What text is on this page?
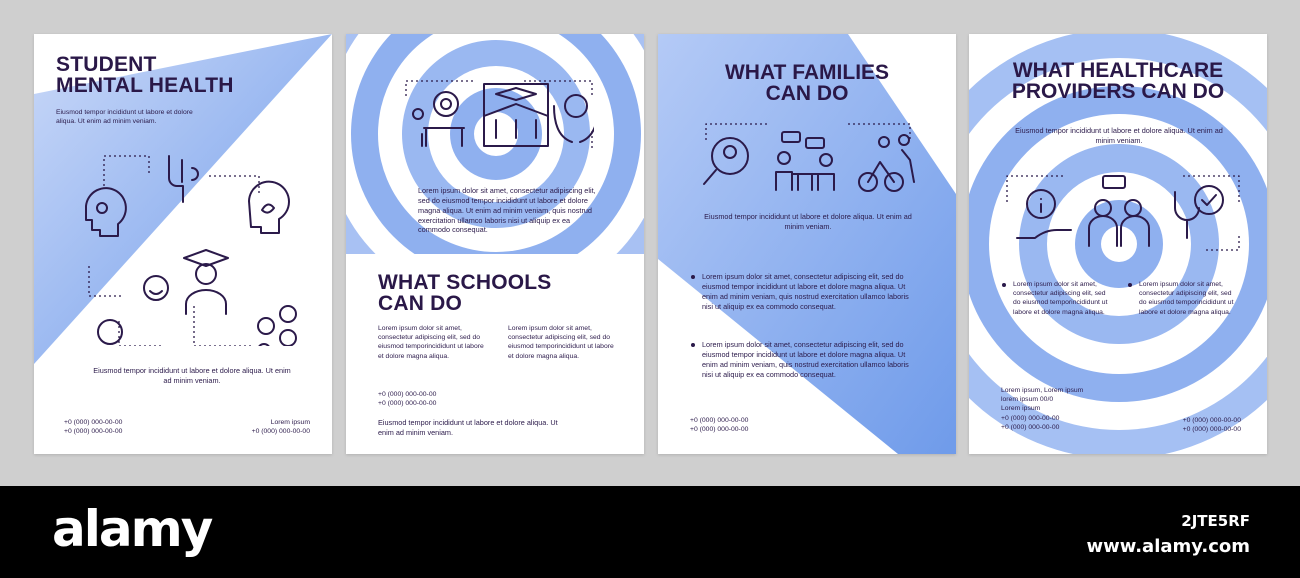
STUDENT
MENTAL HEALTH
Eiusmod tempor incididunt ut labore et dolore aliqua. Ut enim ad minim veniam.
Eiusmod tempor incididunt ut labore et dolore aliqua. Ut enim ad minim veniam.
+0 (000) 000-00-00
+0 (000) 000-00-00
Lorem ipsum
+0 (000) 000-00-00
Lorem ipsum dolor sit amet, consectetur adipiscing elit, sed do eiusmod tempor incididunt ut labore et dolore magna aliqua. Ut enim ad minim veniam, quis nostrud exercitation ullamco laboris nisi ut aliquip ex ea commodo consequat.
WHAT SCHOOLS
CAN DO
Lorem ipsum dolor sit amet, consectetur adipiscing elit, sed do eiusmod temporincididunt ut labore et dolore magna aliqua.
Lorem ipsum dolor sit amet, consectetur adipiscing elit, sed do eiusmod temporincididunt ut labore et dolore magna aliqua.
+0 (000) 000-00-00
+0 (000) 000-00-00
Eiusmod tempor incididunt ut labore et dolore aliqua. Ut enim ad minim veniam.
WHAT FAMILIES
CAN DO
Eiusmod tempor incididunt ut labore et dolore aliqua. Ut enim ad minim veniam.
Lorem ipsum dolor sit amet, consectetur adipiscing elit, sed do eiusmod tempor incididunt ut labore et dolore magna aliqua. Ut enim ad minim veniam, quis nostrud exercitation ullamco laboris nisi ut aliquip ex ea commodo consequat.
Lorem ipsum dolor sit amet, consectetur adipiscing elit, sed do eiusmod tempor incididunt ut labore et dolore magna aliqua. Ut enim ad minim veniam, quis nostrud exercitation ullamco laboris nisi ut aliquip ex ea commodo consequat.
+0 (000) 000-00-00
+0 (000) 000-00-00
WHAT HEALTHCARE
PROVIDERS CAN DO
Eiusmod tempor incididunt ut labore et dolore aliqua. Ut enim ad minim veniam.
Lorem ipsum dolor sit amet, consectetur adipiscing elit, sed do eiusmod temporincididunt ut labore et dolore magna aliqua.
Lorem ipsum dolor sit amet, consectetur adipiscing elit, sed do eiusmod temporincididunt ut labore et dolore magna aliqua.
Lorem ipsum, Lorem ipsum
lorem ipsum 00/0
Lorem ipsum
+0 (000) 000-00-00
+0 (000) 000-00-00
+0 (000) 000-00-00
+0 (000) 000-00-00
alamy	2JTE5RF
www.alamy.com
